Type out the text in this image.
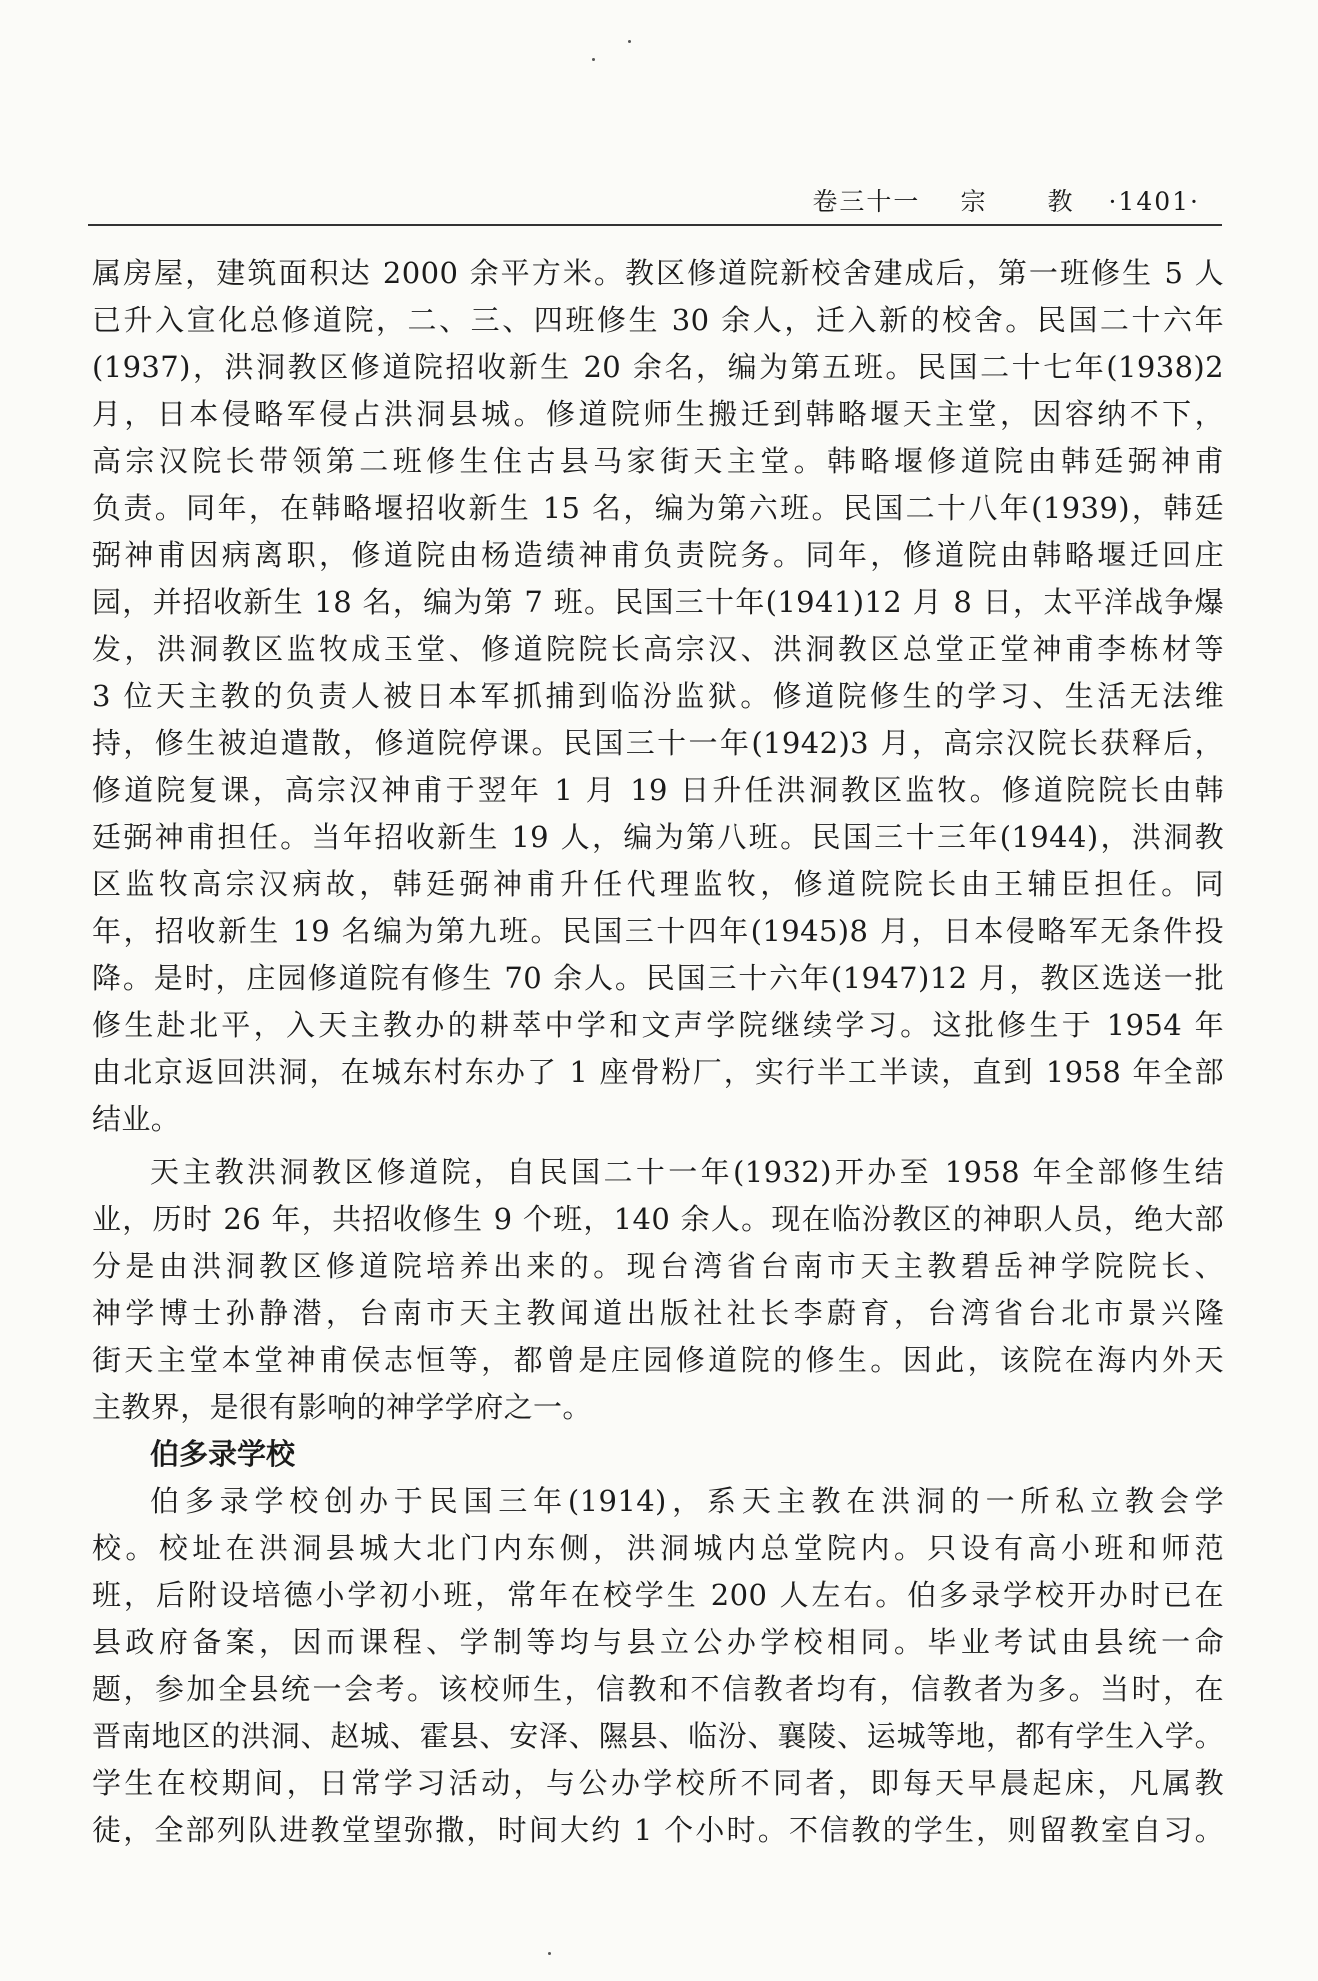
卷三十一 宗 教 ·1401·
属房屋，建筑面积达 2000 余平方米。教区修道院新校舍建成后，第一班修生 5 人
已升入宣化总修道院，二、三、四班修生 30 余人，迁入新的校舍。民国二十六年
(1937)，洪洞教区修道院招收新生 20 余名，编为第五班。民国二十七年(1938)2
月，日本侵略军侵占洪洞县城。修道院师生搬迁到韩略堰天主堂，因容纳不下，
高宗汉院长带领第二班修生住古县马家街天主堂。韩略堰修道院由韩廷弼神甫
负责。同年，在韩略堰招收新生 15 名，编为第六班。民国二十八年(1939)，韩廷
弼神甫因病离职，修道院由杨造绩神甫负责院务。同年，修道院由韩略堰迁回庄
园，并招收新生 18 名，编为第 7 班。民国三十年(1941)12 月 8 日，太平洋战争爆
发，洪洞教区监牧成玉堂、修道院院长高宗汉、洪洞教区总堂正堂神甫李栋材等
3 位天主教的负责人被日本军抓捕到临汾监狱。修道院修生的学习、生活无法维
持，修生被迫遣散，修道院停课。民国三十一年(1942)3 月，高宗汉院长获释后，
修道院复课，高宗汉神甫于翌年 1 月 19 日升任洪洞教区监牧。修道院院长由韩
廷弼神甫担任。当年招收新生 19 人，编为第八班。民国三十三年(1944)，洪洞教
区监牧高宗汉病故，韩廷弼神甫升任代理监牧，修道院院长由王辅臣担任。同
年，招收新生 19 名编为第九班。民国三十四年(1945)8 月，日本侵略军无条件投
降。是时，庄园修道院有修生 70 余人。民国三十六年(1947)12 月，教区选送一批
修生赴北平，入天主教办的耕萃中学和文声学院继续学习。这批修生于 1954 年
由北京返回洪洞，在城东村东办了 1 座骨粉厂，实行半工半读，直到 1958 年全部
结业。
天主教洪洞教区修道院，自民国二十一年(1932)开办至 1958 年全部修生结
业，历时 26 年，共招收修生 9 个班，140 余人。现在临汾教区的神职人员，绝大部
分是由洪洞教区修道院培养出来的。现台湾省台南市天主教碧岳神学院院长、
神学博士孙静潜，台南市天主教闻道出版社社长李蔚育，台湾省台北市景兴隆
街天主堂本堂神甫侯志恒等，都曾是庄园修道院的修生。因此，该院在海内外天
主教界，是很有影响的神学学府之一。
伯多录学校
伯多录学校创办于民国三年(1914)，系天主教在洪洞的一所私立教会学
校。校址在洪洞县城大北门内东侧，洪洞城内总堂院内。只设有高小班和师范
班，后附设培德小学初小班，常年在校学生 200 人左右。伯多录学校开办时已在
县政府备案，因而课程、学制等均与县立公办学校相同。毕业考试由县统一命
题，参加全县统一会考。该校师生，信教和不信教者均有，信教者为多。当时，在
晋南地区的洪洞、赵城、霍县、安泽、隰县、临汾、襄陵、运城等地，都有学生入学。
学生在校期间，日常学习活动，与公办学校所不同者，即每天早晨起床，凡属教
徒，全部列队进教堂望弥撒，时间大约 1 个小时。不信教的学生，则留教室自习。
